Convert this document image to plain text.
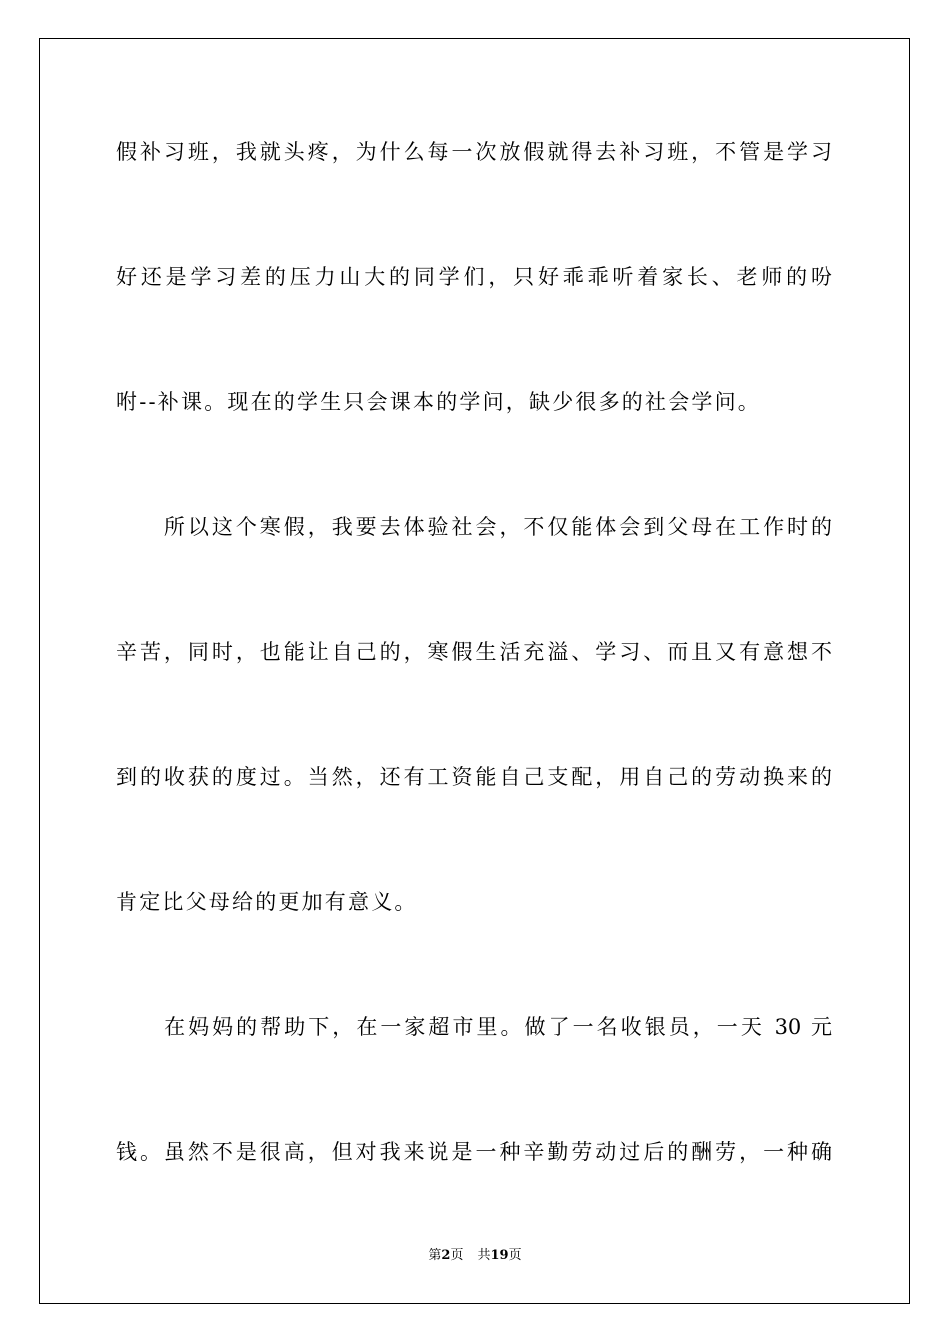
假补习班，我就头疼，为什么每一次放假就得去补习班，不管是学习
好还是学习差的压力山大的同学们，只好乖乖听着家长、老师的吩
咐--补课。现在的学生只会课本的学问，缺少很多的社会学问。
　　所以这个寒假，我要去体验社会，不仅能体会到父母在工作时的
辛苦，同时，也能让自己的，寒假生活充溢、学习、而且又有意想不
到的收获的度过。当然，还有工资能自己支配，用自己的劳动换来的
肯定比父母给的更加有意义。
　　在妈妈的帮助下，在一家超市里。做了一名收银员，一天 30 元
钱。虽然不是很高，但对我来说是一种辛勤劳动过后的酬劳，一种确
第2页 共19页
